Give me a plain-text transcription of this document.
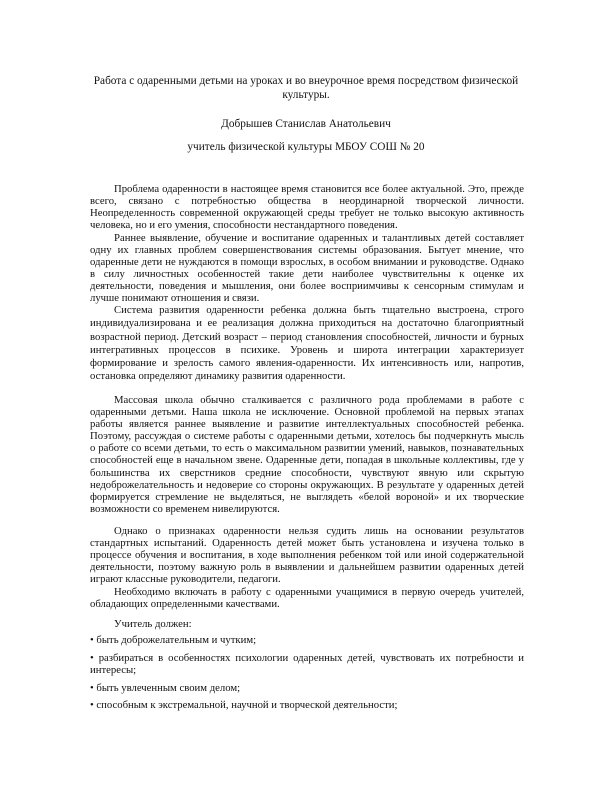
Работа с одаренными детьми на уроках и во внеурочное время посредством физической культуры.
Добрышев Станислав Анатольевич
учитель физической культуры МБОУ СОШ № 20
Проблема одаренности в настоящее время становится все более актуальной. Это, прежде всего, связано с потребностью общества в неординарной творческой личности. Неопределенность современной окружающей среды требует не только высокую активность человека, но и его умения, способности нестандартного поведения.
Раннее выявление, обучение и воспитание одаренных и талантливых детей составляет одну их главных проблем совершенствования системы образования. Бытует мнение, что одаренные дети не нуждаются в помощи взрослых, в особом внимании и руководстве. Однако в силу личностных особенностей такие дети наиболее чувствительны к оценке их деятельности, поведения и мышления, они более восприимчивы к сенсорным стимулам и лучше понимают отношения и связи.
Система развития одаренности ребенка должна быть тщательно выстроена, строго индивидуализирована и ее реализация должна приходиться на достаточно благоприятный возрастной период. Детский возраст – период становления способностей, личности и бурных интегративных процессов в психике. Уровень и широта интеграции характеризует формирование и зрелость самого явления-одаренности. Их интенсивность или, напротив, остановка определяют динамику развития одаренности.
Массовая школа обычно сталкивается с различного рода проблемами в работе с одаренными детьми. Наша школа не исключение. Основной проблемой на первых этапах работы является раннее выявление и развитие интеллектуальных способностей ребенка. Поэтому, рассуждая о системе работы с одаренными детьми, хотелось бы подчеркнуть мысль о работе со всеми детьми, то есть о максимальном развитии умений, навыков, познавательных способностей еще в начальном звене. Одаренные дети, попадая в школьные коллективы, где у большинства их сверстников средние способности, чувствуют явную или скрытую недоброжелательность и недоверие со стороны окружающих. В результате у одаренных детей формируется стремление не выделяться, не выглядеть «белой вороной» и их творческие возможности со временем нивелируются.
Однако о признаках одаренности нельзя судить лишь на основании результатов стандартных испытаний. Одаренность детей может быть установлена и изучена только в процессе обучения и воспитания, в ходе выполнения ребенком той или иной содержательной деятельности, поэтому важную роль в выявлении и дальнейшем развитии одаренных детей играют классные руководители, педагоги.
Необходимо включать в работу с одаренными учащимися в первую очередь учителей, обладающих определенными качествами.
Учитель должен:
• быть доброжелательным и чутким;
• разбираться в особенностях психологии одаренных детей, чувствовать их потребности и интересы;
• быть увлеченным своим делом;
• способным к экстремальной, научной и творческой деятельности;
